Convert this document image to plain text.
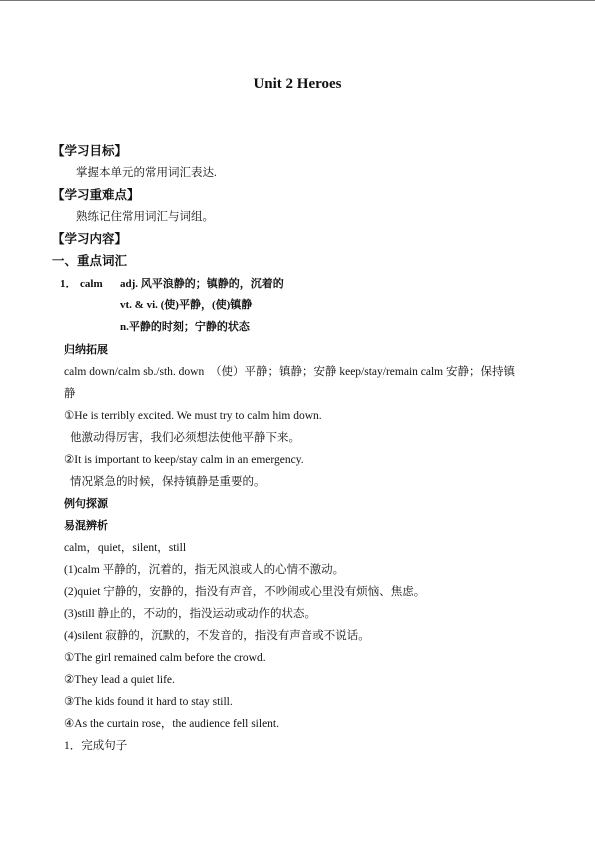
Unit 2 Heroes
【学习目标】
掌握本单元的常用词汇表达.
【学习重难点】
熟练记住常用词汇与词组。
【学习内容】
一、重点词汇
1． calm adj. 风平浪静的；镇静的，沉着的
vt. & vi. (使)平静，(使)镇静
n.平静的时刻；宁静的状态
归纳拓展
calm down/calm sb./sth. down　（使）平静；镇静；安静 keep/stay/remain calm 安静；保持镇
静
①He is terribly excited. We must try to calm him down.
他激动得厉害，我们必须想法使他平静下来。
②It is important to keep/stay calm in an emergency.
情况紧急的时候，保持镇静是重要的。
例句探源
易混辨析
calm，quiet，silent，still
(1)calm 平静的，沉着的，指无风浪或人的心情不激动。
(2)quiet 宁静的，安静的，指没有声音，不吵闹或心里没有烦恼、焦虑。
(3)still 静止的，不动的，指没运动或动作的状态。
(4)silent 寂静的，沉默的，不发音的，指没有声音或不说话。
①The girl remained calm before the crowd.
②They lead a quiet life.
③The kids found it hard to stay still.
④As the curtain rose，the audience fell silent.
1．完成句子
